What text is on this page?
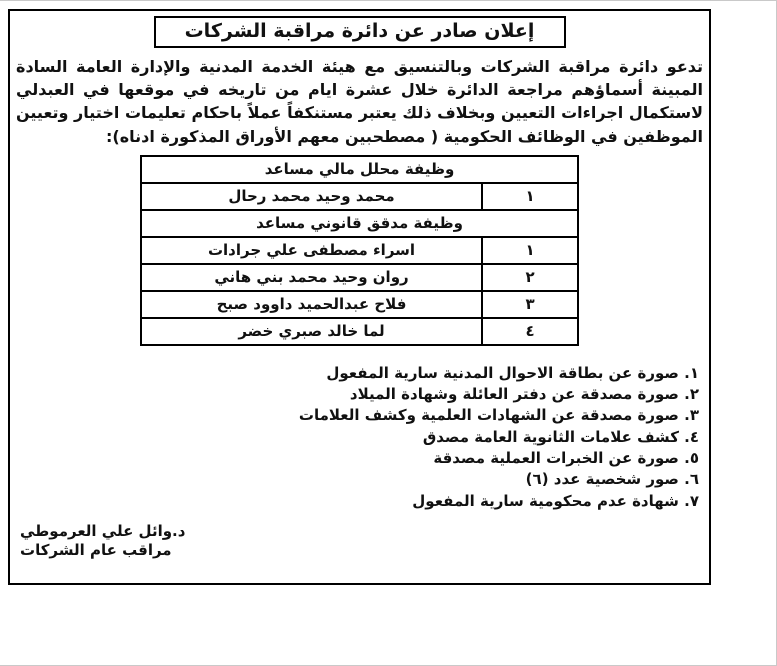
إعلان صادر عن دائرة مراقبة الشركات

تدعو دائرة مراقبة الشركات وبالتنسيق مع هيئة الخدمة المدنية والإدارة العامة السادة المبينة أسماؤهم مراجعة الدائرة خلال عشرة ايام من تاريخه في موقعها في العبدلي لاستكمال اجراءات التعيين وبخلاف ذلك يعتبر مستنكفاً عملاً باحكام تعليمات اختيار وتعيين الموظفين في الوظائف الحكومية ( مصطحبين معهم الأوراق المذكورة ادناه):

وظيفة محلل مالي مساعد	
١	محمد وحيد محمد رحال
وظيفة مدقق قانوني مساعد	
١	اسراء مصطفى علي جرادات
٢	روان وحيد محمد بني هاني
٣	فلاح عبدالحميد داوود صبح
٤	لما خالد صبري خضر
١. صورة عن بطاقة الاحوال المدنية سارية المفعول
٢. صورة مصدقة عن دفتر العائلة وشهادة الميلاد
٣. صورة مصدقة عن الشهادات العلمية وكشف العلامات
٤. كشف علامات الثانوية العامة مصدق
٥. صورة عن الخبرات العملية مصدقة
٦. صور شخصية عدد (٦)
٧. شهادة عدم محكومية سارية المفعول
د.وائل علي العرموطي
مراقب عام الشركات
